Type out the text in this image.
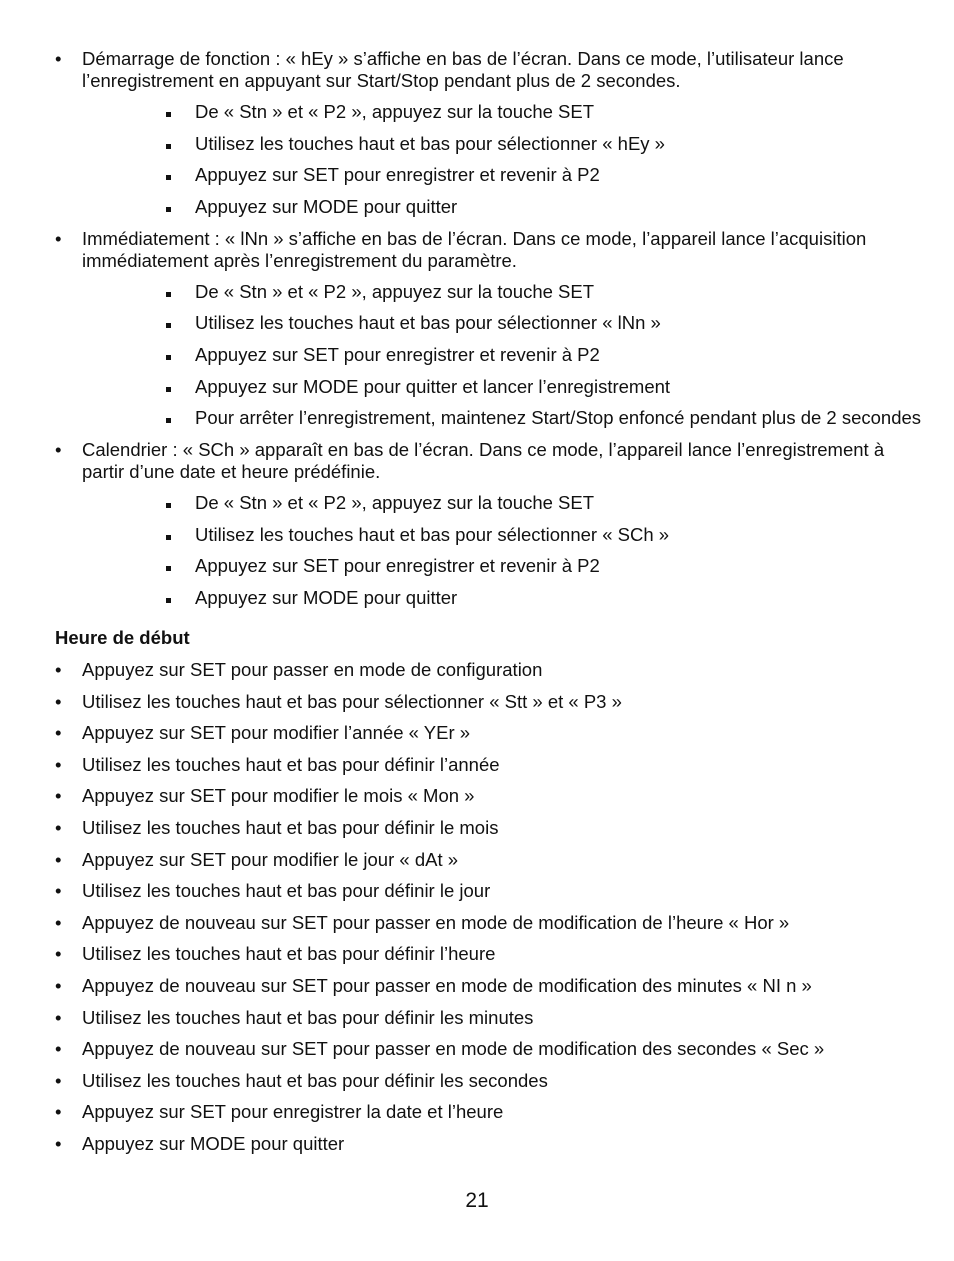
• Démarrage de fonction : « hEy » s’affiche en bas de l’écran. Dans ce mode, l’utilisateur lance l’enregistrement en appuyant sur Start/Stop pendant plus de 2 secondes.
De « Stn » et « P2 », appuyez sur la touche SET
Utilisez les touches haut et bas pour sélectionner « hEy »
Appuyez sur SET pour enregistrer et revenir à P2
Appuyez sur MODE pour quitter
• Immédiatement : « lNn » s’affiche en bas de l’écran. Dans ce mode, l’appareil lance l’acquisition immédiatement après l’enregistrement du paramètre.
De « Stn » et « P2 », appuyez sur la touche SET
Utilisez les touches haut et bas pour sélectionner « lNn »
Appuyez sur SET pour enregistrer et revenir à P2
Appuyez sur MODE pour quitter et lancer l’enregistrement
Pour arrêter l’enregistrement, maintenez Start/Stop enfoncé pendant plus de 2 secondes
• Calendrier : « SCh » apparaît en bas de l’écran. Dans ce mode, l’appareil lance l’enregistrement à partir d’une date et heure prédéfinie.
De « Stn » et « P2 », appuyez sur la touche SET
Utilisez les touches haut et bas pour sélectionner « SCh »
Appuyez sur SET pour enregistrer et revenir à P2
Appuyez sur MODE pour quitter
Heure de début
• Appuyez sur SET pour passer en mode de configuration
• Utilisez les touches haut et bas pour sélectionner « Stt » et « P3 »
• Appuyez sur SET pour modifier l’année « YEr »
• Utilisez les touches haut et bas pour définir l’année
• Appuyez sur SET pour modifier le mois « Mon »
• Utilisez les touches haut et bas pour définir le mois
• Appuyez sur SET pour modifier le jour « dAt »
• Utilisez les touches haut et bas pour définir le jour
• Appuyez de nouveau sur SET pour passer en mode de modification de l’heure « Hor »
• Utilisez les touches haut et bas pour définir l’heure
• Appuyez de nouveau sur SET pour passer en mode de modification des minutes « NI n »
• Utilisez les touches haut et bas pour définir les minutes
• Appuyez de nouveau sur SET pour passer en mode de modification des secondes « Sec »
• Utilisez les touches haut et bas pour définir les secondes
• Appuyez sur SET pour enregistrer la date et l’heure
• Appuyez sur MODE pour quitter
21
